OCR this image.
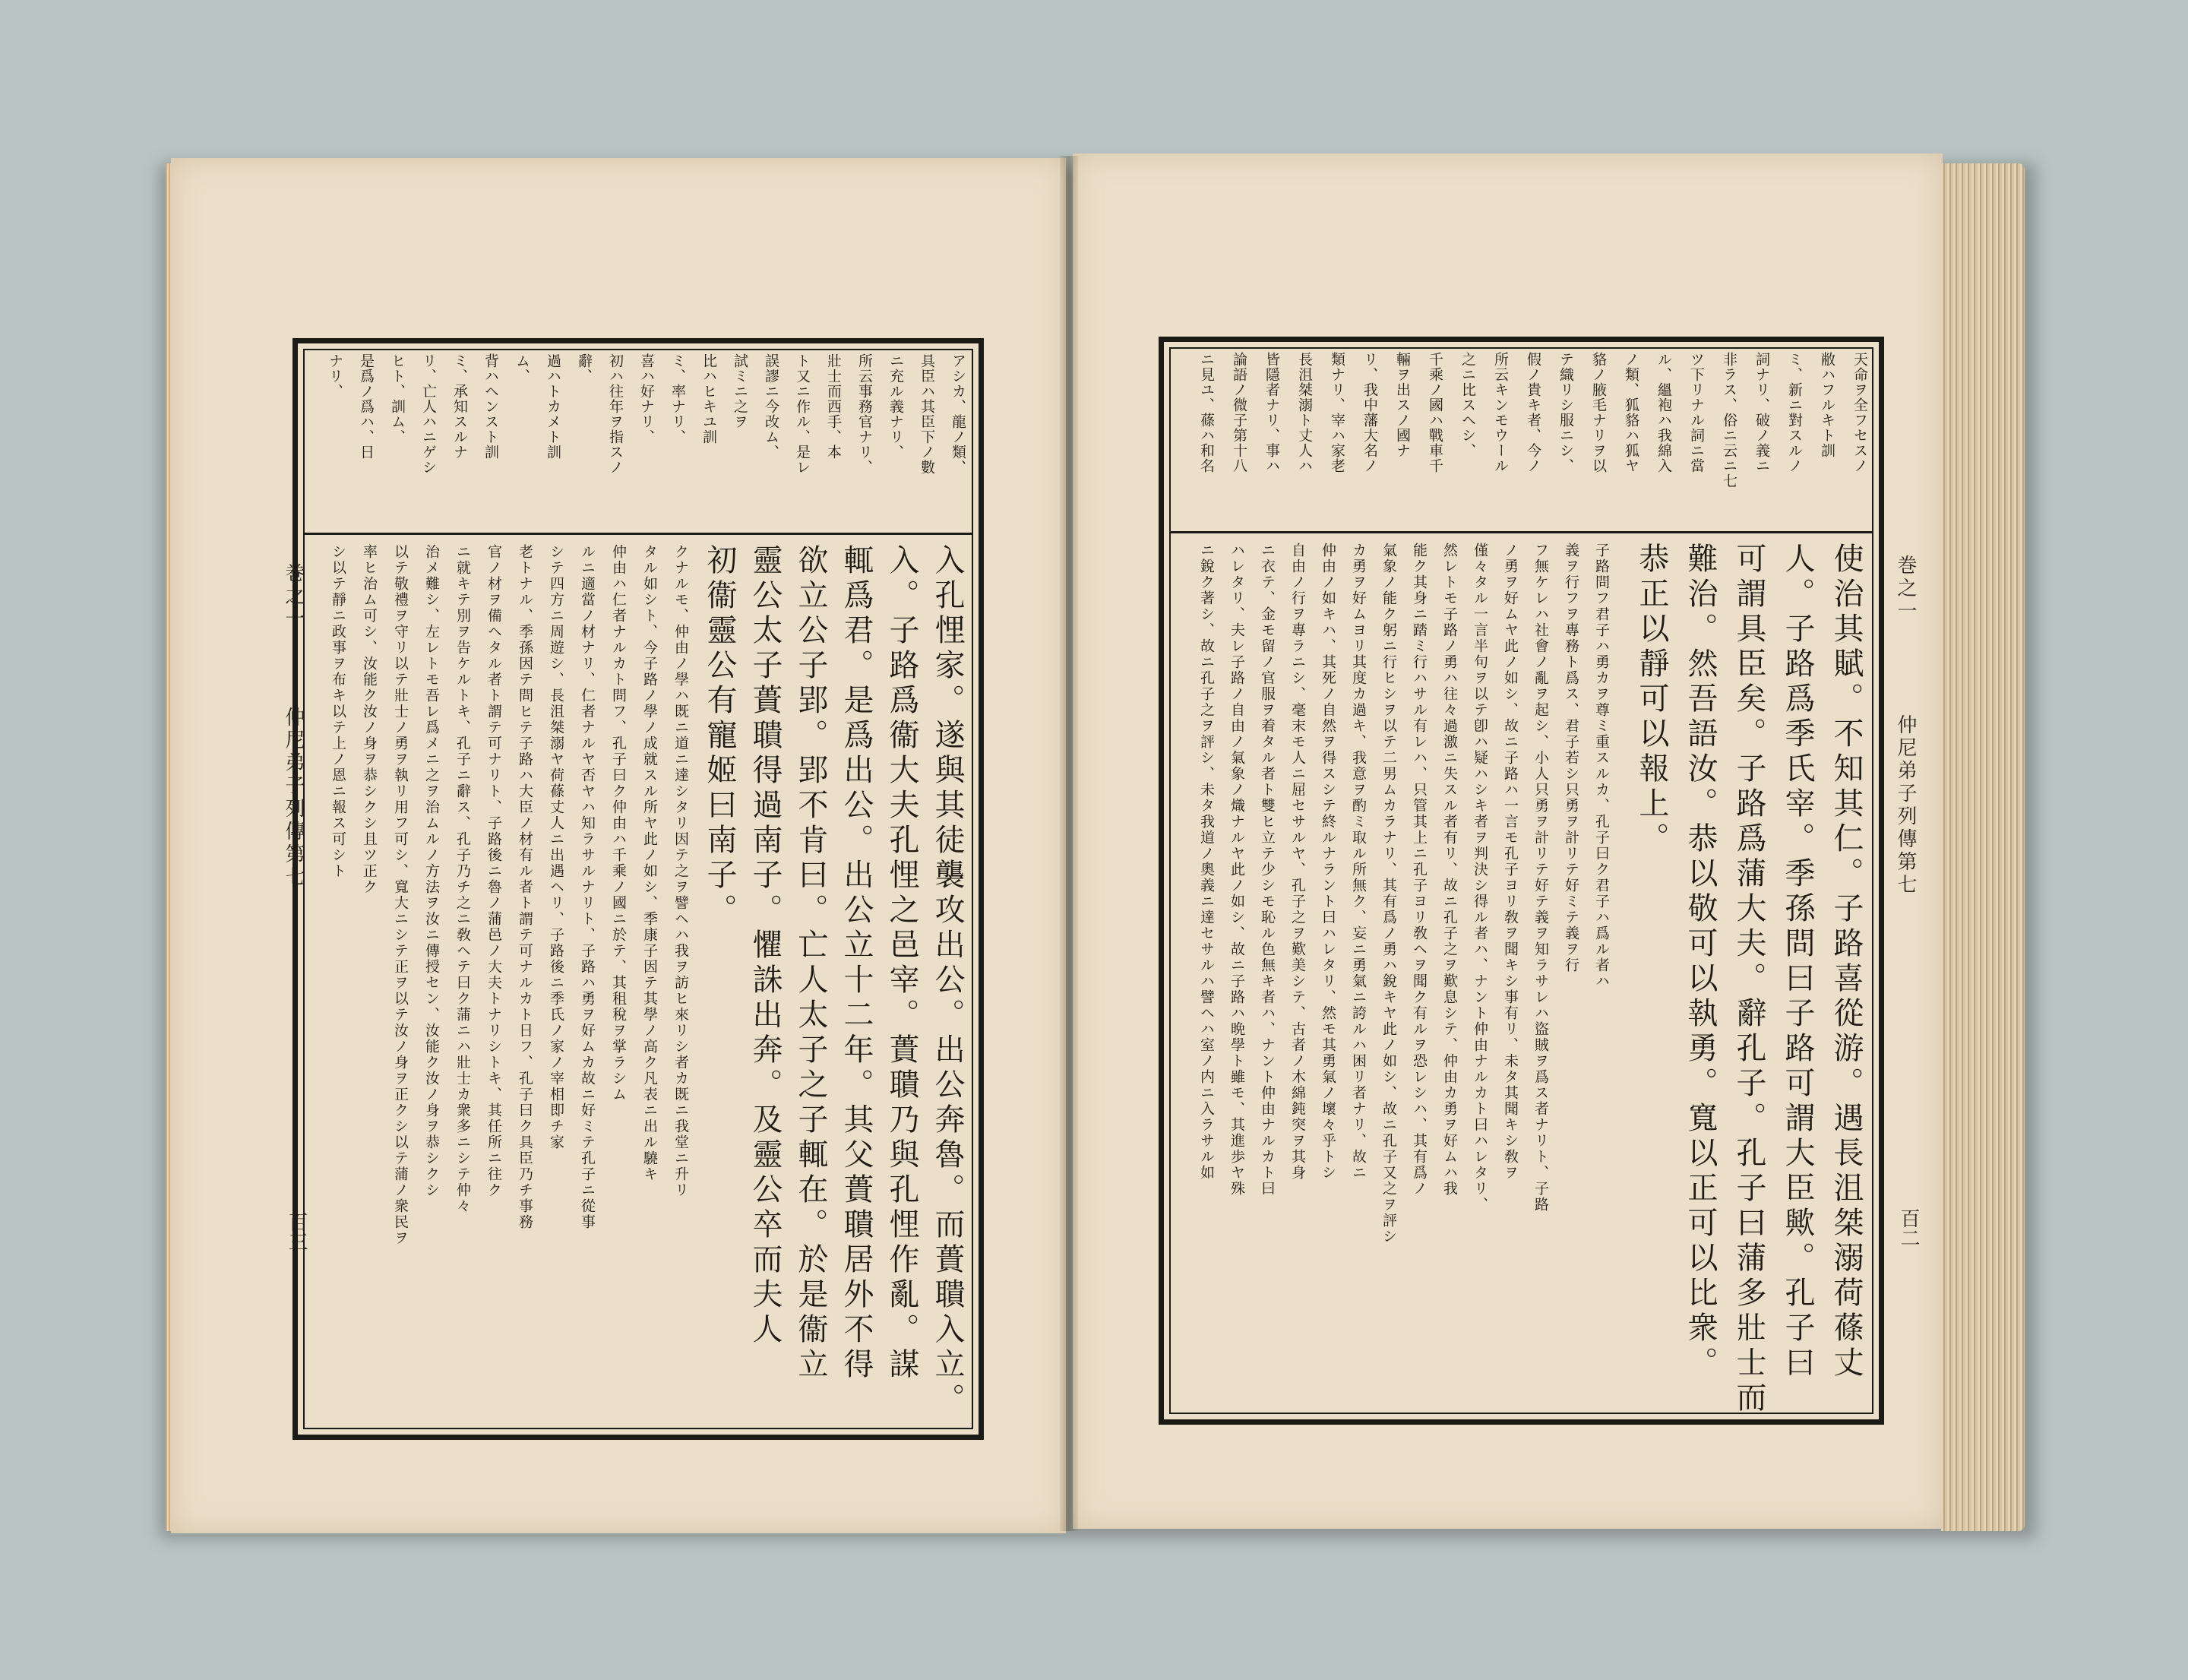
巻之一
仲尼弟子列傳第七
百三
巻之一
仲尼弟子列傳第七
百二
アシカ、龍ノ類、
具臣ハ其臣下ノ數
ニ充ル義ナリ、
所云事務官ナリ、
壯士而西手、本
ト又ニ作ル、是レ
誤謬ニ今改ム、
試ミニ之ヲ
比ハヒキユ訓
ミ、率ナリ、
喜ハ好ナリ、
初ハ往年ヲ指スノ
辭、
過ハトカメト訓
ム、
背ハヘンスト訓
ミ、承知スルナ
リ、亡人ハニゲシ
ヒト、訓ム、
是爲ノ爲ハ、日
ナリ、
クナルモ、仲由ノ學ハ既ニ道ニ達シタリ因テ之ヲ譬ヘハ我ヲ訪ヒ來リシ者カ既ニ我堂ニ升リ
タル如シト、今子路ノ學ノ成就スル所ヤ此ノ如シ、季康子因テ其學ノ高ク凡表ニ出ル驍キ
仲由ハ仁者ナルカト問フ、孔子曰ク仲由ハ千乘ノ國ニ於テ、其租稅ヲ掌ラシム
ルニ適當ノ材ナリ、仁者ナルヤ否ヤハ知ラサルナリト、子路ハ勇ヲ好ムカ故ニ好ミテ孔子ニ從事
シテ四方ニ周遊シ、長沮桀溺ヤ荷蓧丈人ニ出遇ヘリ、子路後ニ季氏ノ家ノ宰相即チ家
老トナル、季孫因テ問ヒテ子路ハ大臣ノ材有ル者ト謂テ可ナルカト日フ、孔子曰ク具臣乃チ事務
官ノ材ヲ備ヘタル者ト謂テ可ナリト、子路後ニ魯ノ蒲邑ノ大夫トナリシトキ、其任所ニ往ク
ニ就キテ別ヲ告ケルトキ、孔子ニ辭ス、孔子乃チ之ニ敎ヘテ曰ク蒲ニハ壯士カ衆多ニシテ仲々
治メ難シ、左レトモ吾レ爲メニ之ヲ治ムルノ方法ヲ汝ニ傳授セン、汝能ク汝ノ身ヲ恭シクシ
以テ敬禮ヲ守リ以テ壯士ノ勇ヲ執リ用フ可シ、寬大ニシテ正ヲ以テ汝ノ身ヲ正クシ以テ蒲ノ衆民ヲ
率ヒ治ム可シ、汝能ク汝ノ身ヲ恭シクシ且ツ正ク
シ以テ靜ニ政事ヲ布キ以テ上ノ恩ニ報ス可シト	入孔悝家。遂與其徒襲攻出公。出公奔魯。而蕢聵入立。
入。子路爲衞大夫孔悝之邑宰。蕢聵乃與孔悝作亂。謀
輒爲君。是爲出公。出公立十二年。其父蕢聵居外不得
欲立公子郢。郢不肯曰。亡人太子之子輒在。於是衞立
靈公太子蕢聵得過南子。懼誅出奔。及靈公卒而夫人
初衞靈公有寵姬曰南子。
天命ヲ全フセスノ
敝ハフルキト訓
ミ、新ニ對スルノ
詞ナリ、破ノ義ニ
非ラス、俗ニ云ニ七
ツ下リナル詞ニ當
ル、縕袍ハ我綿入
ノ類、狐貉ハ狐ヤ
貉ノ腋毛ナリヲ以
テ織リシ服ニシ、
假ノ貴キ者、今ノ
所云キンモウール
之ニ比スヘシ、
千乘ノ國ハ戰車千
輛ヲ出スノ國ナ
リ、我中藩大名ノ
類ナリ、宰ハ家老
長沮桀溺ト丈人ハ
皆隱者ナリ、事ハ
論語ノ微子第十八
ニ見ユ、蓧ハ和名
使治其賦。不知其仁。子路喜從游。遇長沮桀溺荷蓧丈
人。子路爲季氏宰。季孫問曰子路可謂大臣歟。孔子曰
可謂具臣矣。子路爲蒲大夫。辭孔子。孔子曰蒲多壯士而
難治。然吾語汝。恭以敬可以執勇。寬以正可以比衆。
恭正以靜可以報上。
子路問フ君子ハ勇カヲ尊ミ重スルカ、孔子曰ク君子ハ爲ル者ハ
義ヲ行フヲ專務ト爲ス、君子若シ只勇ヲ計リテ好ミテ義ヲ行
フ無ケレハ社會ノ亂ヲ起シ、小人只勇ヲ計リテ好テ義ヲ知ラサレハ盜賊ヲ爲ス者ナリト、子路
ノ勇ヲ好ムヤ此ノ如シ、故ニ子路ハ一言モ孔子ヨリ敎ヲ聞キシ事有リ、未タ其聞キシ敎ヲ
僅々タル一言半句ヲ以テ卽ハ疑ハシキ者ヲ判決シ得ル者ハ、ナント仲由ナルカト曰ハレタリ、
然レトモ子路ノ勇ハ往々過激ニ失スル者有リ、故ニ孔子之ヲ歎息シテ、仲由カ勇ヲ好ムハ我
能ク其身ニ踏ミ行ハサル有レハ、只管其上ニ孔子ヨリ敎ヘヲ聞ク有ルヲ恐レシハ、其有爲ノ
氣象ノ能ク躬ニ行ヒシヲ以テ二男ムカラナリ、其有爲ノ勇ハ銳キヤ此ノ如シ、故ニ孔子又之ヲ評シ
カ勇ヲ好ムヨリ其度カ過キ、我意ヲ酌ミ取ル所無ク、妄ニ勇氣ニ誇ルハ困リ者ナリ、故ニ
仲由ノ如キハ、其死ノ自然ヲ得スシテ終ルナラント曰ハレタリ、然モ其勇氣ノ壞々乎トシ
自由ノ行ヲ專ラニシ、毫末モ人ニ屈セサルヤ、孔子之ヲ歎美シテ、古者ノ木綿鈍突ヲ其身
ニ衣テ、金モ留ノ官服ヲ着タル者ト雙ヒ立テ少シモ恥ル色無キ者ハ、ナント仲由ナルカト曰
ハレタリ、夫レ子路ノ自由ノ氣象ノ熾ナルヤ此ノ如シ、故ニ子路ハ晩學ト雖モ、其進歩ヤ殊
ニ銳ク著シ、故ニ孔子之ヲ評シ、未タ我道ノ奧義ニ達セサルハ譬ヘハ室ノ内ニ入ラサル如
